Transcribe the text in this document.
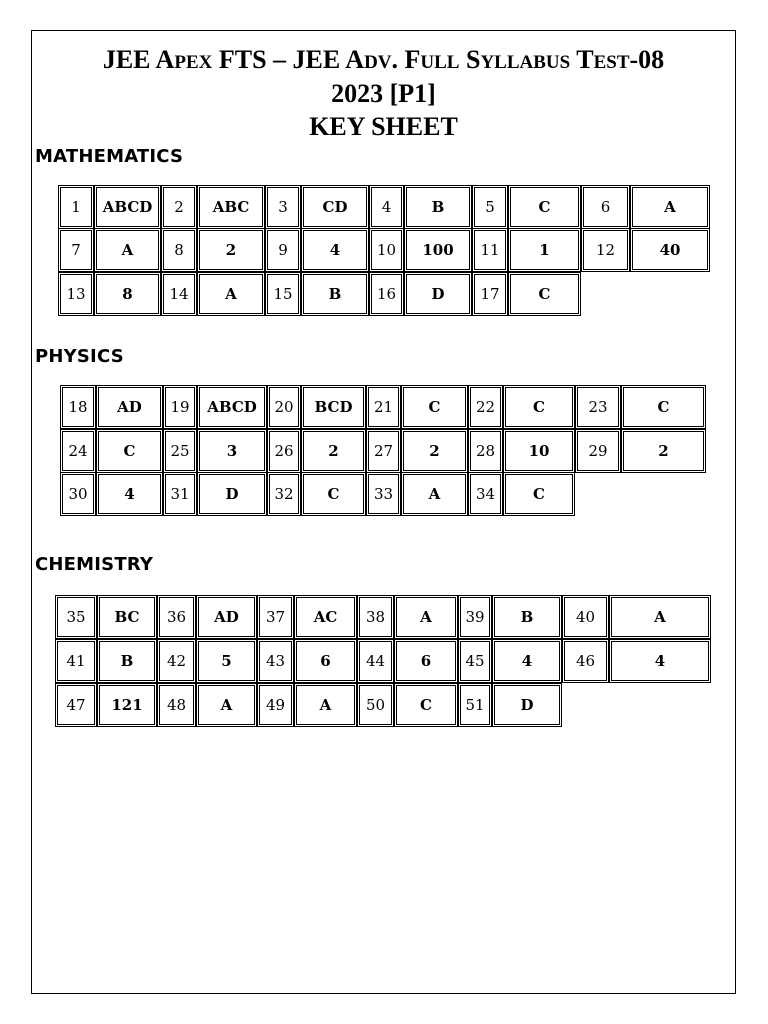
JEE APEX FTS – JEE ADV. FULL SYLLABUS TEST-08
2023 [P1]
KEY SHEET
MATHEMATICS
PHYSICS
CHEMISTRY
1	ABCD	2	ABC	3	CD	4	B	5	C	6	A
7	A	8	2	9	4	10	100	11	1	12	40
13	8	14	A	15	B	16	D	17	C
18	AD	19	ABCD	20	BCD	21	C	22	C	23	C
24	C	25	3	26	2	27	2	28	10	29	2
30	4	31	D	32	C	33	A	34	C
35	BC	36	AD	37	AC	38	A	39	B	40	A
41	B	42	5	43	6	44	6	45	4	46	4
47	121	48	A	49	A	50	C	51	D
